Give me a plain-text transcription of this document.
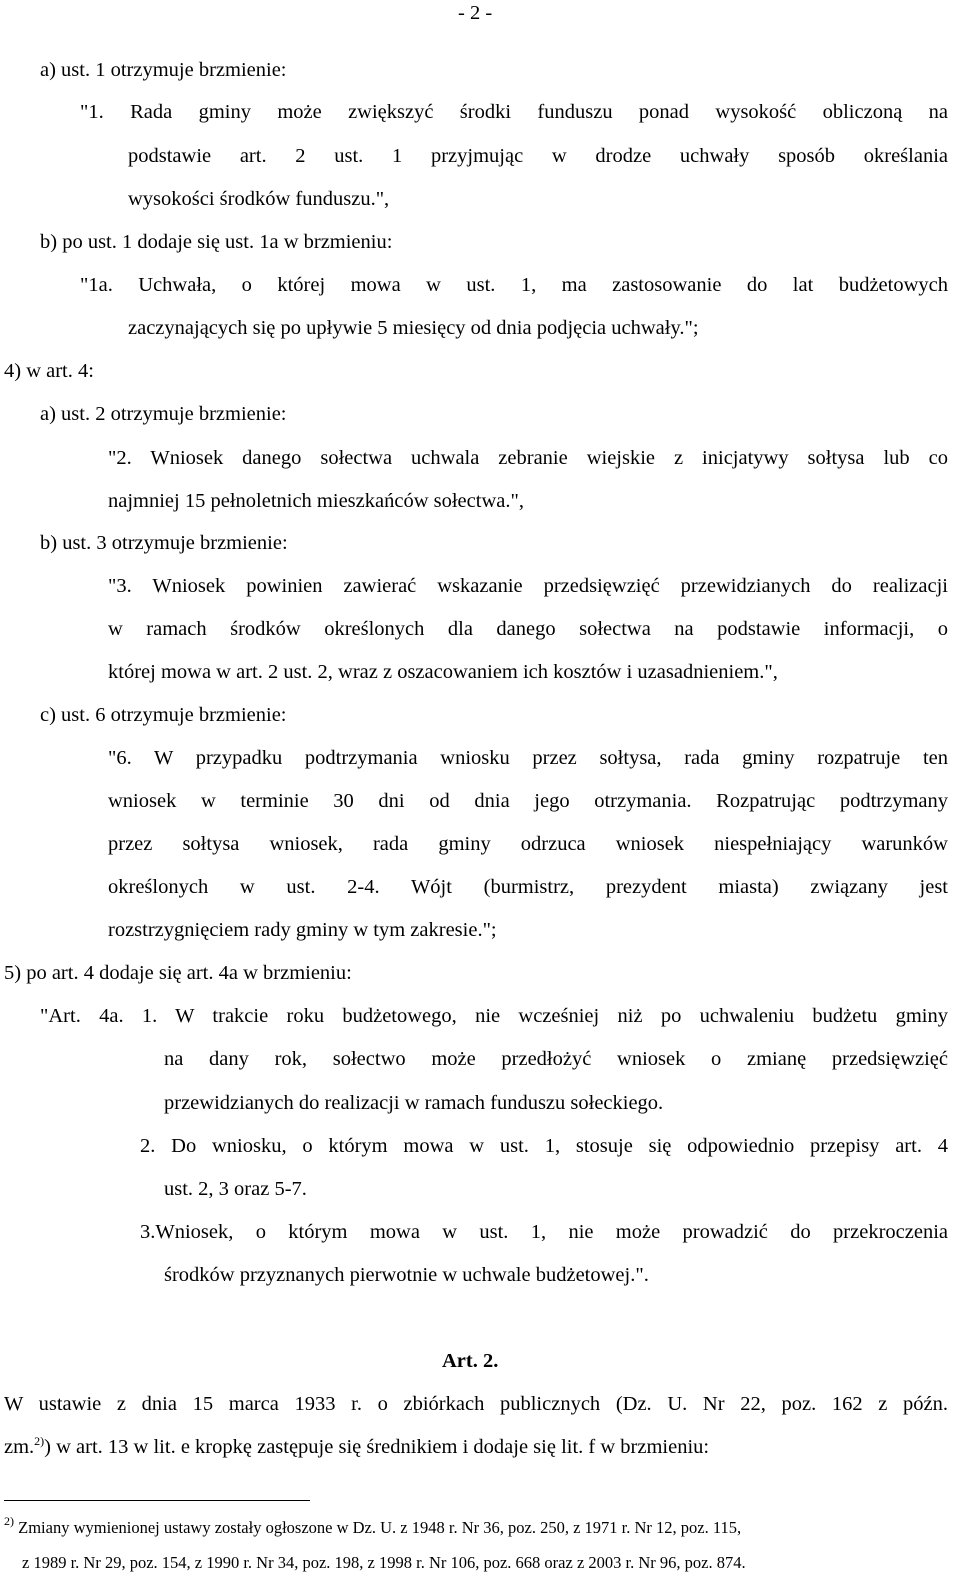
- 2 -
a) ust. 1 otrzymuje brzmienie:
"1. Rada gminy może zwiększyć środki funduszu ponad wysokość obliczoną na
podstawie art. 2 ust. 1 przyjmując w drodze uchwały sposób określania
wysokości środków funduszu.",
b) po ust. 1 dodaje się ust. 1a w brzmieniu:
"1a. Uchwała, o której mowa w ust. 1, ma zastosowanie do lat budżetowych
zaczynających się po upływie 5 miesięcy od dnia podjęcia uchwały.";
4) w art. 4:
a) ust. 2 otrzymuje brzmienie:
"2. Wniosek danego sołectwa uchwala zebranie wiejskie z inicjatywy sołtysa lub co
najmniej 15 pełnoletnich mieszkańców sołectwa.",
b) ust. 3 otrzymuje brzmienie:
"3. Wniosek powinien zawierać wskazanie przedsięwzięć przewidzianych do realizacji
w ramach środków określonych dla danego sołectwa na podstawie informacji, o
której mowa w art. 2 ust. 2, wraz z oszacowaniem ich kosztów i uzasadnieniem.",
c) ust. 6 otrzymuje brzmienie:
"6. W przypadku podtrzymania wniosku przez sołtysa, rada gminy rozpatruje ten
wniosek w terminie 30 dni od dnia jego otrzymania. Rozpatrując podtrzymany
przez sołtysa wniosek, rada gminy odrzuca wniosek niespełniający warunków
określonych w ust. 2-4. Wójt (burmistrz, prezydent miasta) związany jest
rozstrzygnięciem rady gminy w tym zakresie.";
5) po art. 4 dodaje się art. 4a w brzmieniu:
"Art. 4a. 1. W trakcie roku budżetowego, nie wcześniej niż po uchwaleniu budżetu gminy
na dany rok, sołectwo może przedłożyć wniosek o zmianę przedsięwzięć
przewidzianych do realizacji w ramach funduszu sołeckiego.
2. Do wniosku, o którym mowa w ust. 1, stosuje się odpowiednio przepisy art. 4
ust. 2, 3 oraz 5-7.
3.Wniosek, o którym mowa w ust. 1, nie może prowadzić do przekroczenia
środków przyznanych pierwotnie w uchwale budżetowej.".
Art. 2.
W ustawie z dnia 15 marca 1933 r. o zbiórkach publicznych (Dz. U. Nr 22, poz. 162 z późn.
zm.$^{2)}$) w art. 13 w lit. e kropkę zastępuje się średnikiem i dodaje się lit. f w brzmieniu:
$^{2)}$ Zmiany wymienionej ustawy zostały ogłoszone w Dz. U. z 1948 r. Nr 36, poz. 250, z 1971 r. Nr 12, poz. 115,
z 1989 r. Nr 29, poz. 154, z 1990 r. Nr 34, poz. 198, z 1998 r. Nr 106, poz. 668 oraz z 2003 r. Nr 96, poz. 874.
